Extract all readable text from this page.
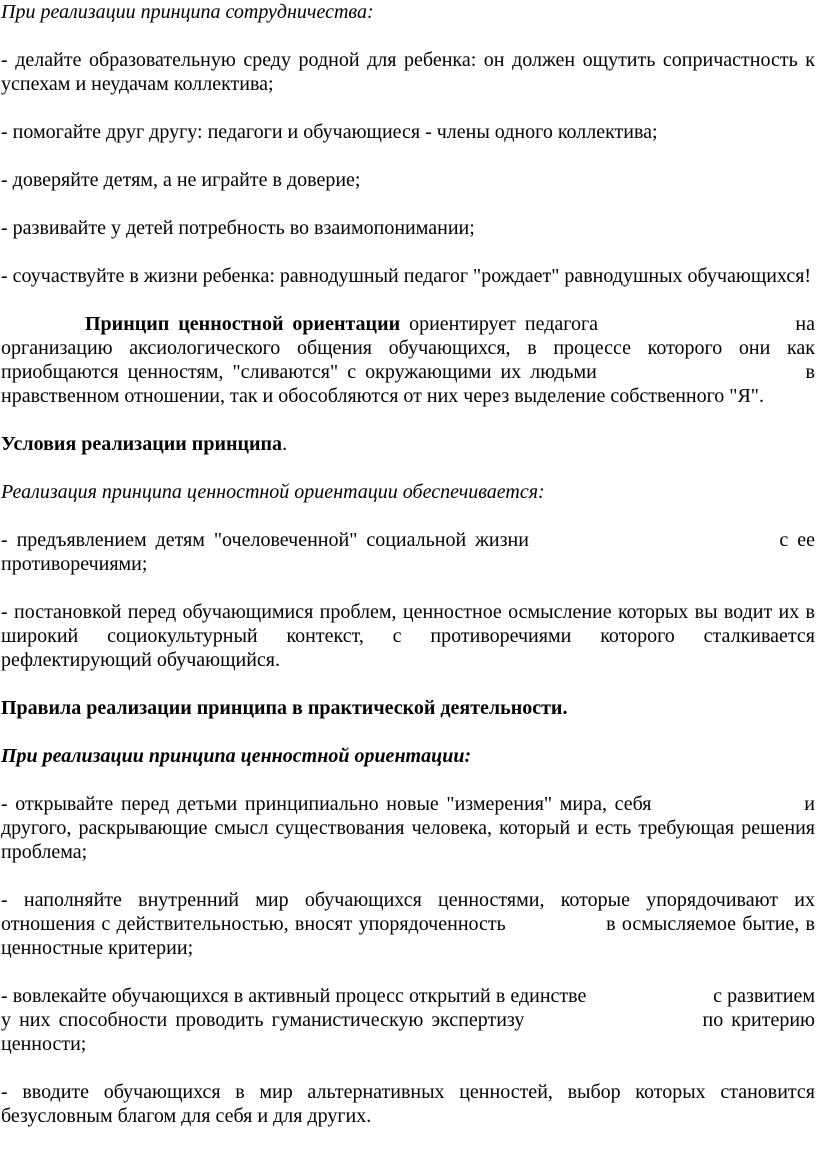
При реализации принципа сотрудничества:

- делайте образовательную среду родной для ребенка: он должен ощутить сопричастность к успехам и неудачам коллектива;

- помогайте друг другу: педагоги и обучающиеся - члены одного коллектива;

- доверяйте детям, а не играйте в доверие;

- развивайте у детей потребность во взаимопонимании;

- соучаствуйте в жизни ребенка: равнодушный педагог "рождает" равнодушных обучающихся!

Принцип ценностной ориентации ориентирует педагога                      на организацию аксиологического общения обучающихся, в процессе которого они как приобщаются ценностям, "сливаются" с окружающими их людьми                       в нравственном отношении, так и обособляются от них через выделение собственного "Я".

Условия реализации принципа.

Реализация принципа ценностной ориентации обеспечивается:

- предъявлением детям "очеловеченной" социальной жизни                            с ее противоречиями;

- постановкой перед обучающимися проблем, ценностное осмысление которых вы водит их в широкий социокультурный контекст, с противоречиями которого сталкивается рефлектирующий обучающийся.

Правила реализации принципа в практической деятельности.

При реализации принципа ценностной ориентации:

- открывайте перед детьми принципиально новые "измерения" мира, себя                    и другого, раскрывающие смысл существования человека, который и есть требующая решения проблема;

- наполняйте внутренний мир обучающихся ценностями, которые упорядочивают их отношения с действительностью, вносят упорядоченность                в осмысляемое бытие, в ценностные критерии;

- вовлекайте обучающихся в активный процесс открытий в единстве                         с развитием у них способности проводить гуманистическую экспертизу                      по критерию ценности;

- вводите обучающихся в мир альтернативных ценностей, выбор которых становится безусловным благом для себя и для других.
